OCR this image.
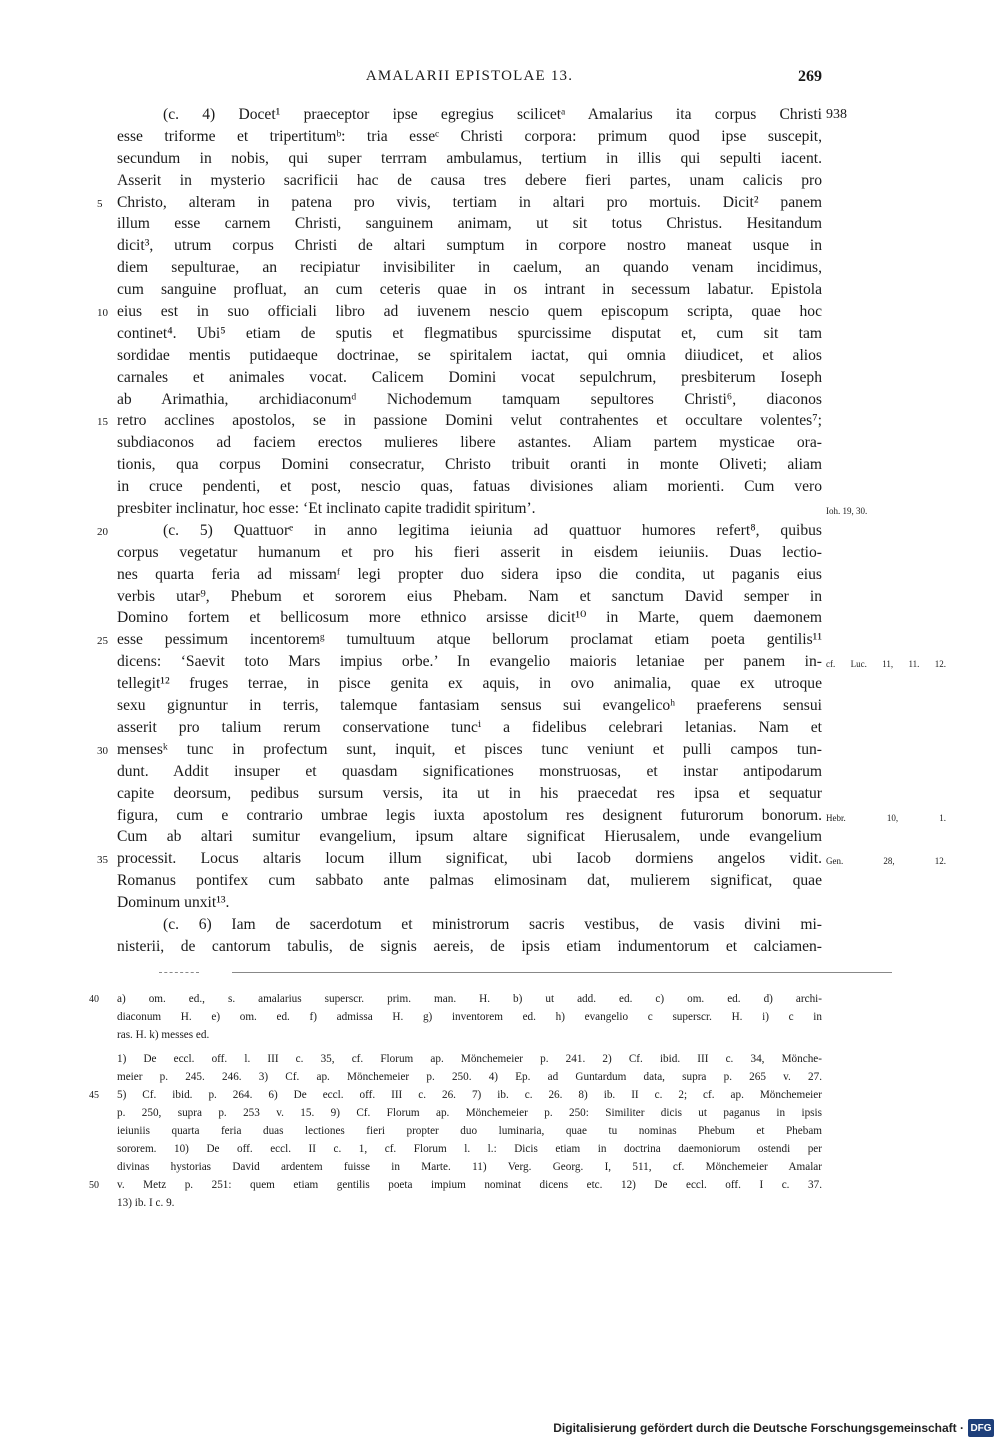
AMALARII EPISTOLAE 13.	269
(c. 4) Docet¹ praeceptor ipse egregius scilicetᵃ Amalarius ita corpus Christi 938
esse triforme et tripertitumᵇ: tria esseᶜ Christi corpora: primum quod ipse suscepit,
secundum in nobis, qui super terrram ambulamus, tertium in illis qui sepulti iacent.
Asserit in mysterio sacrificii hac de causa tres debere fieri partes, unam calicis pro
5 Christo, alteram in patena pro vivis, tertiam in altari pro mortuis. Dicit² panem
illum esse carnem Christi, sanguinem animam, ut sit totus Christus. Hesitandum
dicit³, utrum corpus Christi de altari sumptum in corpore nostro maneat usque in
diem sepulturae, an recipiatur invisibiliter in caelum, an quando venam incidimus,
cum sanguine profluat, an cum ceteris quae in os intrant in secessum labatur. Epistola
10 eius est in suo officiali libro ad iuvenem nescio quem episcopum scripta, quae hoc
continet⁴. Ubi⁵ etiam de sputis et flegmatibus spurcissime disputat et, cum sit tam
sordidae mentis putidaeque doctrinae, se spiritalem iactat, qui omnia diiudicet, et alios
carnales et animales vocat. Calicem Domini vocat sepulchrum, presbiterum Ioseph
ab Arimathia, archidiaconumᵈ Nichodemum tamquam sepultores Christi⁶, diaconos
15 retro acclines apostolos, se in passione Domini velut contrahentes et occultare volentes⁷;
subdiaconos ad faciem erectos mulieres libere astantes. Aliam partem mysticae ora-
tionis, qua corpus Domini consecratur, Christo tribuit oranti in monte Oliveti; aliam
in cruce pendenti, et post, nescio quas, fatuas divisiones aliam morienti. Cum vero
presbiter inclinatur, hoc esse: ‘Et inclinato capite tradidit spiritum’.	Ioh. 19, 30.
20	(c. 5) Quattuorᵉ in anno legitima ieiunia ad quattuor humores refert⁸, quibus
corpus vegetatur humanum et pro his fieri asserit in eisdem ieiuniis. Duas lectio-
nes quarta feria ad missamᶠ legi propter duo sidera ipso die condita, ut paganis eius
verbis utar⁹, Phebum et sororem eius Phebam. Nam et sanctum David semper in
Domino fortem et bellicosum more ethnico arsisse dicit¹⁰ in Marte, quem daemonem
25 esse pessimum incentoremᵍ tumultuum atque bellorum proclamat etiam poeta gentilis¹¹
dicens: ‘Saevit toto Mars impius orbe.’ In evangelio maioris letaniae per panem in- cf. Luc. 11, 11. 12.
tellegit¹² fruges terrae, in pisce genita ex aquis, in ovo animalia, quae ex utroque
sexu gignuntur in terris, talemque fantasiam sensus sui evangelicoʰ praeferens sensui
asserit pro talium rerum conservatione tuncⁱ a fidelibus celebrari letanias. Nam et
30 mensesᵏ tunc in profectum sunt, inquit, et pisces tunc veniunt et pulli campos tun-
dunt. Addit insuper et quasdam significationes monstruosas, et instar antipodarum
capite deorsum, pedibus sursum versis, ita ut in his praecedat res ipsa et sequatur
figura, cum e contrario umbrae legis iuxta apostolum res designent futurorum bonorum. Hebr. 10, 1.
Cum ab altari sumitur evangelium, ipsum altare significat Hierusalem, unde evangelium
35 processit. Locus altaris locum illum significat, ubi Iacob dormiens angelos vidit. Gen. 28, 12.
Romanus pontifex cum sabbato ante palmas elimosinam dat, mulierem significat, quae
Dominum unxit¹³.
(c. 6) Iam de sacerdotum et ministrorum sacris vestibus, de vasis divini mi-
nisterii, de cantorum tabulis, de signis aereis, de ipsis etiam indumentorum et calciamen-
40	a) om. ed., s. amalarius superscr. prim. man. H. b) ut add. ed. c) om. ed. d) archi-
diaconum H. e) om. ed. f) admissa H. g) inventorem ed. h) evangelio c superscr. H. i) c in
ras. H. k) messes ed.
1) De eccl. off. l. III c. 35, cf. Florum ap. Mönchemeier p. 241. 2) Cf. ibid. III c. 34, Mönche-
meier p. 245. 246. 3) Cf. ap. Mönchemeier p. 250. 4) Ep. ad Guntardum data, supra p. 265 v. 27.
45	5) Cf. ibid. p. 264. 6) De eccl. off. III c. 26. 7) ib. c. 26. 8) ib. II c. 2; cf. ap. Mönchemeier
p. 250, supra p. 253 v. 15. 9) Cf. Florum ap. Mönchemeier p. 250: Similiter dicis ut paganus in ipsis
ieiuniis quarta feria duas lectiones fieri propter duo luminaria, quae tu nominas Phebum et Phebam
sororem. 10) De off. eccl. II c. 1, cf. Florum l. l.: Dicis etiam in doctrina daemoniorum ostendi per
divinas hystorias David ardentem fuisse in Marte. 11) Verg. Georg. I, 511, cf. Mönchemeier Amalar
50	v. Metz p. 251: quem etiam gentilis poeta impium nominat dicens etc. 12) De eccl. off. I c. 37.
13) ib. I c. 9.
Digitalisierung gefördert durch die Deutsche Forschungsgemeinschaft · DFG
